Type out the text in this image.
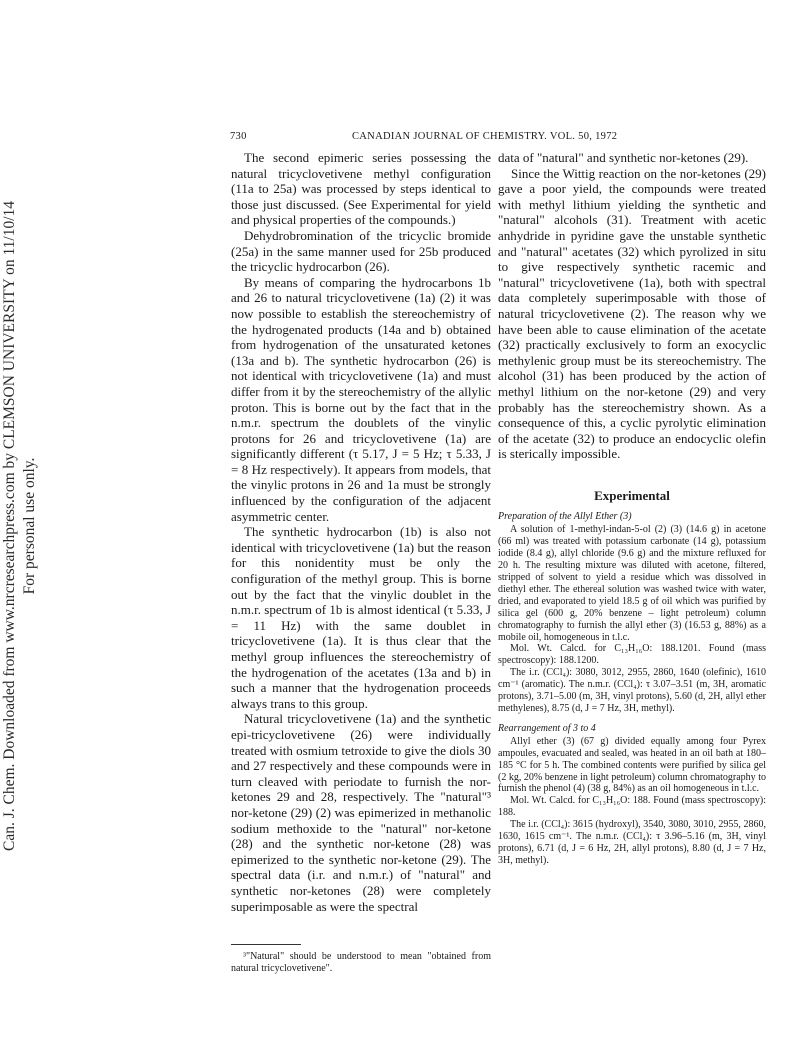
Can. J. Chem. Downloaded from www.nrcresearchpress.com by CLEMSON UNIVERSITY on 11/10/14 For personal use only.
730	CANADIAN JOURNAL OF CHEMISTRY. VOL. 50, 1972

The second epimeric series possessing the natural tricyclovetivene methyl configuration (11a to 25a) was processed by steps identical to those just discussed. (See Experimental for yield and physical properties of the compounds.)

Dehydrobromination of the tricyclic bromide (25a) in the same manner used for 25b produced the tricyclic hydrocarbon (26).

By means of comparing the hydrocarbons 1b and 26 to natural tricyclovetivene (1a) (2) it was now possible to establish the stereochemistry of the hydrogenated products (14a and b) obtained from hydrogenation of the unsaturated ketones (13a and b). The synthetic hydrocarbon (26) is not identical with tricyclovetivene (1a) and must differ from it by the stereochemistry of the allylic proton. This is borne out by the fact that in the n.m.r. spectrum the doublets of the vinylic protons for 26 and tricyclovetivene (1a) are significantly different (τ 5.17, J = 5 Hz; τ 5.33, J = 8 Hz respectively). It appears from models, that the vinylic protons in 26 and 1a must be strongly influenced by the configuration of the adjacent asymmetric center.

The synthetic hydrocarbon (1b) is also not identical with tricyclovetivene (1a) but the reason for this nonidentity must be only the configuration of the methyl group. This is borne out by the fact that the vinylic doublet in the n.m.r. spectrum of 1b is almost identical (τ 5.33, J = 11 Hz) with the same doublet in tricyclovetivene (1a). It is thus clear that the methyl group influences the stereochemistry of the hydrogenation of the acetates (13a and b) in such a manner that the hydrogenation proceeds always trans to this group.

Natural tricyclovetivene (1a) and the synthetic epi-tricyclovetivene (26) were individually treated with osmium tetroxide to give the diols 30 and 27 respectively and these compounds were in turn cleaved with periodate to furnish the nor-ketones 29 and 28, respectively. The "natural"³ nor-ketone (29) (2) was epimerized in methanolic sodium methoxide to the "natural" nor-ketone (28) and the synthetic nor-ketone (28) was epimerized to the synthetic nor-ketone (29). The spectral data (i.r. and n.m.r.) of "natural" and synthetic nor-ketones (28) were completely superimposable as were the spectral

³"Natural" should be understood to mean "obtained from natural tricyclovetivene".

data of "natural" and synthetic nor-ketones (29).

Since the Wittig reaction on the nor-ketones (29) gave a poor yield, the compounds were treated with methyl lithium yielding the synthetic and "natural" alcohols (31). Treatment with acetic anhydride in pyridine gave the unstable synthetic and "natural" acetates (32) which pyrolized in situ to give respectively synthetic racemic and "natural" tricyclovetivene (1a), both with spectral data completely superimposable with those of natural tricyclovetivene (2). The reason why we have been able to cause elimination of the acetate (32) practically exclusively to form an exocyclic methylenic group must be its stereochemistry. The alcohol (31) has been produced by the action of methyl lithium on the nor-ketone (29) and very probably has the stereochemistry shown. As a consequence of this, a cyclic pyrolytic elimination of the acetate (32) to produce an endocyclic olefin is sterically impossible.

Experimental
Preparation of the Allyl Ether (3)

A solution of 1-methyl-indan-5-ol (2) (3) (14.6 g) in acetone (66 ml) was treated with potassium carbonate (14 g), potassium iodide (8.4 g), allyl chloride (9.6 g) and the mixture refluxed for 20 h. The resulting mixture was diluted with acetone, filtered, stripped of solvent to yield a residue which was dissolved in diethyl ether. The ethereal solution was washed twice with water, dried, and evaporated to yield 18.5 g of oil which was purified by silica gel (600 g, 20% benzene – light petroleum) column chromatography to furnish the allyl ether (3) (16.53 g, 88%) as a mobile oil, homogeneous in t.l.c.

Mol. Wt. Calcd. for C₁₃H₁₆O: 188.1201. Found (mass spectroscopy): 188.1200.

The i.r. (CCl₄): 3080, 3012, 2955, 2860, 1640 (olefinic), 1610 cm⁻¹ (aromatic). The n.m.r. (CCl₄): τ 3.07–3.51 (m, 3H, aromatic protons), 3.71–5.00 (m, 3H, vinyl protons), 5.60 (d, 2H, allyl ether methylenes), 8.75 (d, J = 7 Hz, 3H, methyl).

Rearrangement of 3 to 4

Allyl ether (3) (67 g) divided equally among four Pyrex ampoules, evacuated and sealed, was heated in an oil bath at 180–185 °C for 5 h. The combined contents were purified by silica gel (2 kg, 20% benzene in light petroleum) column chromatography to furnish the phenol (4) (38 g, 84%) as an oil homogeneous in t.l.c.

Mol. Wt. Calcd. for C₁₃H₁₆O: 188. Found (mass spectroscopy): 188.

The i.r. (CCl₄): 3615 (hydroxyl), 3540, 3080, 3010, 2955, 2860, 1630, 1615 cm⁻¹. The n.m.r. (CCl₄): τ 3.96–5.16 (m, 3H, vinyl protons), 6.71 (d, J = 6 Hz, 2H, allyl protons), 8.80 (d, J = 7 Hz, 3H, methyl).
